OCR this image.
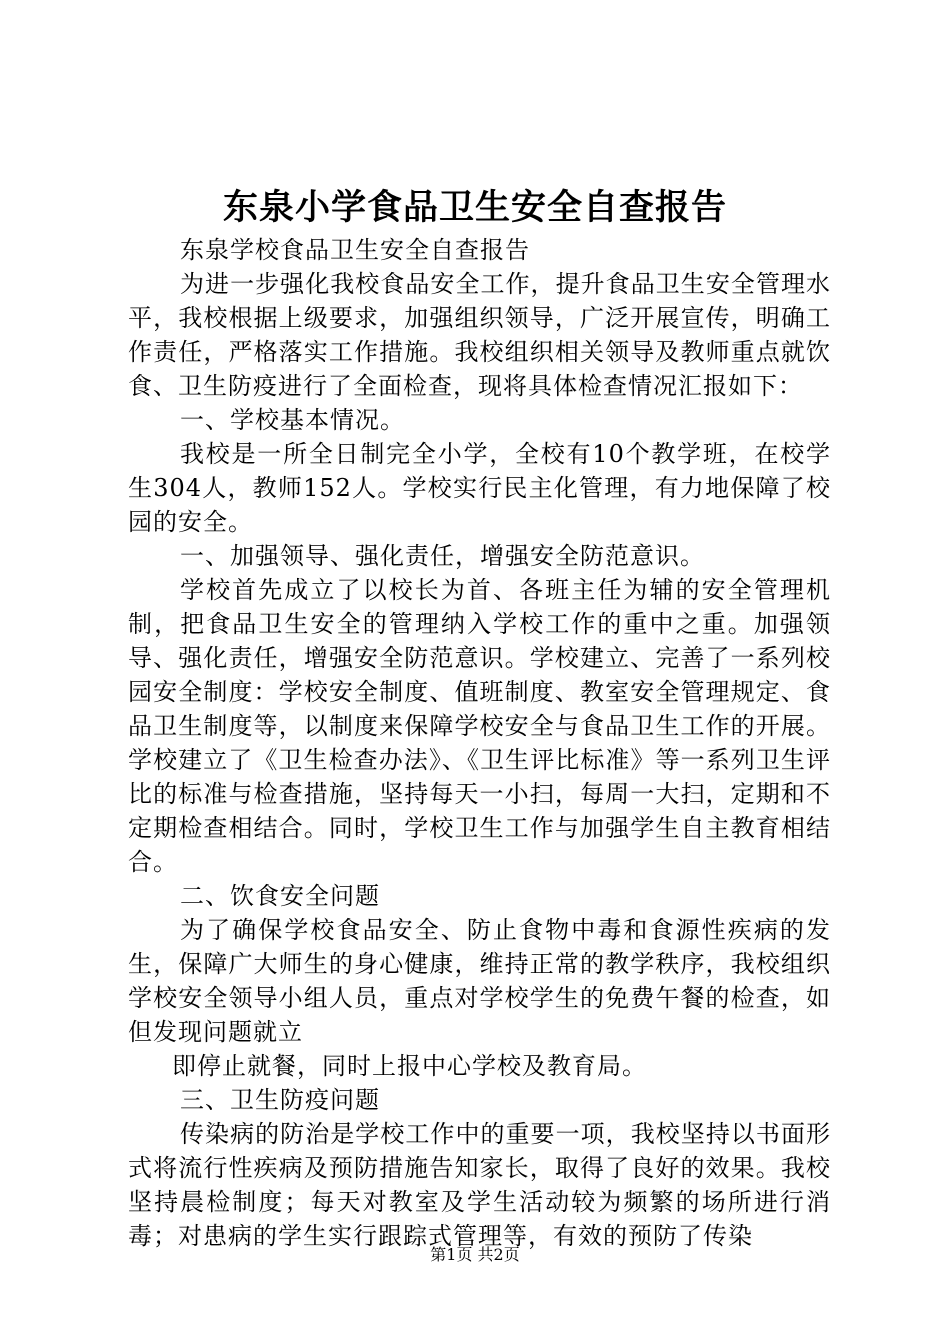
东泉小学食品卫生安全自查报告

东泉学校食品卫生安全自查报告

为进一步强化我校食品安全工作，提升食品卫生安全管理水平，我校根据上级要求，加强组织领导，广泛开展宣传，明确工作责任，严格落实工作措施。我校组织相关领导及教师重点就饮食、卫生防疫进行了全面检查，现将具体检查情况汇报如下：

一、学校基本情况。

我校是一所全日制完全小学，全校有10个教学班，在校学生304人，教师152人。学校实行民主化管理，有力地保障了校园的安全。

一、加强领导、强化责任，增强安全防范意识。

学校首先成立了以校长为首、各班主任为辅的安全管理机制，把食品卫生安全的管理纳入学校工作的重中之重。加强领导、强化责任，增强安全防范意识。学校建立、完善了一系列校园安全制度：学校安全制度、值班制度、教室安全管理规定、食品卫生制度等，以制度来保障学校安全与食品卫生工作的开展。学校建立了《卫生检查办法》、《卫生评比标准》等一系列卫生评比的标准与检查措施，坚持每天一小扫，每周一大扫，定期和不定期检查相结合。同时，学校卫生工作与加强学生自主教育相结合。

二、饮食安全问题

为了确保学校食品安全、防止食物中毒和食源性疾病的发生，保障广大师生的身心健康，维持正常的教学秩序，我校组织学校安全领导小组人员，重点对学校学生的免费午餐的检查，如但发现问题就立

即停止就餐，同时上报中心学校及教育局。

三、卫生防疫问题

传染病的防治是学校工作中的重要一项，我校坚持以书面形式将流行性疾病及预防措施告知家长，取得了良好的效果。我校坚持晨检制度；每天对教室及学生活动较为频繁的场所进行消毒；对患病的学生实行跟踪式管理等，有效的预防了传染

第1页 共2页
